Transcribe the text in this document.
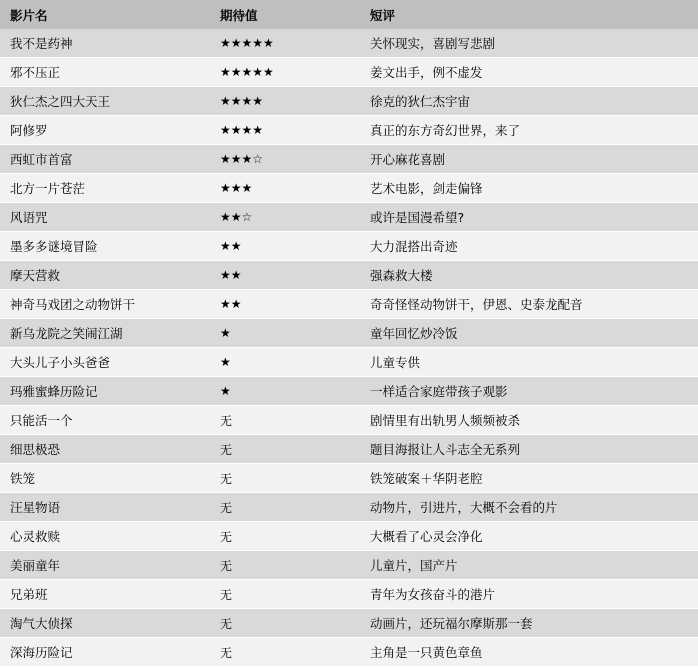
影片名	期待值	短评
我不是药神	★★★★★	关怀现实，喜剧写悲剧
邪不压正	★★★★★	姜文出手，例不虚发
狄仁杰之四大天王	★★★★	徐克的狄仁杰宇宙
阿修罗	★★★★	真正的东方奇幻世界，来了
西虹市首富	★★★☆	开心麻花喜剧
北方一片苍茫	★★★	艺术电影，剑走偏锋
风语咒	★★☆	或许是国漫希望?
墨多多谜境冒险	★★	大力混搭出奇迹
摩天营救	★★	强森救大楼
神奇马戏团之动物饼干	★★	奇奇怪怪动物饼干，伊恩、史泰龙配音
新乌龙院之笑闹江湖	★	童年回忆炒冷饭
大头儿子小头爸爸	★	儿童专供
玛雅蜜蜂历险记	★	一样适合家庭带孩子观影
只能活一个	无	剧情里有出轨男人频频被杀
细思极恐	无	题目海报让人斗志全无系列
铁笼	无	铁笼破案＋华阴老腔
汪星物语	无	动物片，引进片，大概不会看的片
心灵救赎	无	大概看了心灵会净化
美丽童年	无	儿童片，国产片
兄弟班	无	青年为女孩奋斗的港片
淘气大侦探	无	动画片，还玩福尔摩斯那一套
深海历险记	无	主角是一只黄色章鱼
